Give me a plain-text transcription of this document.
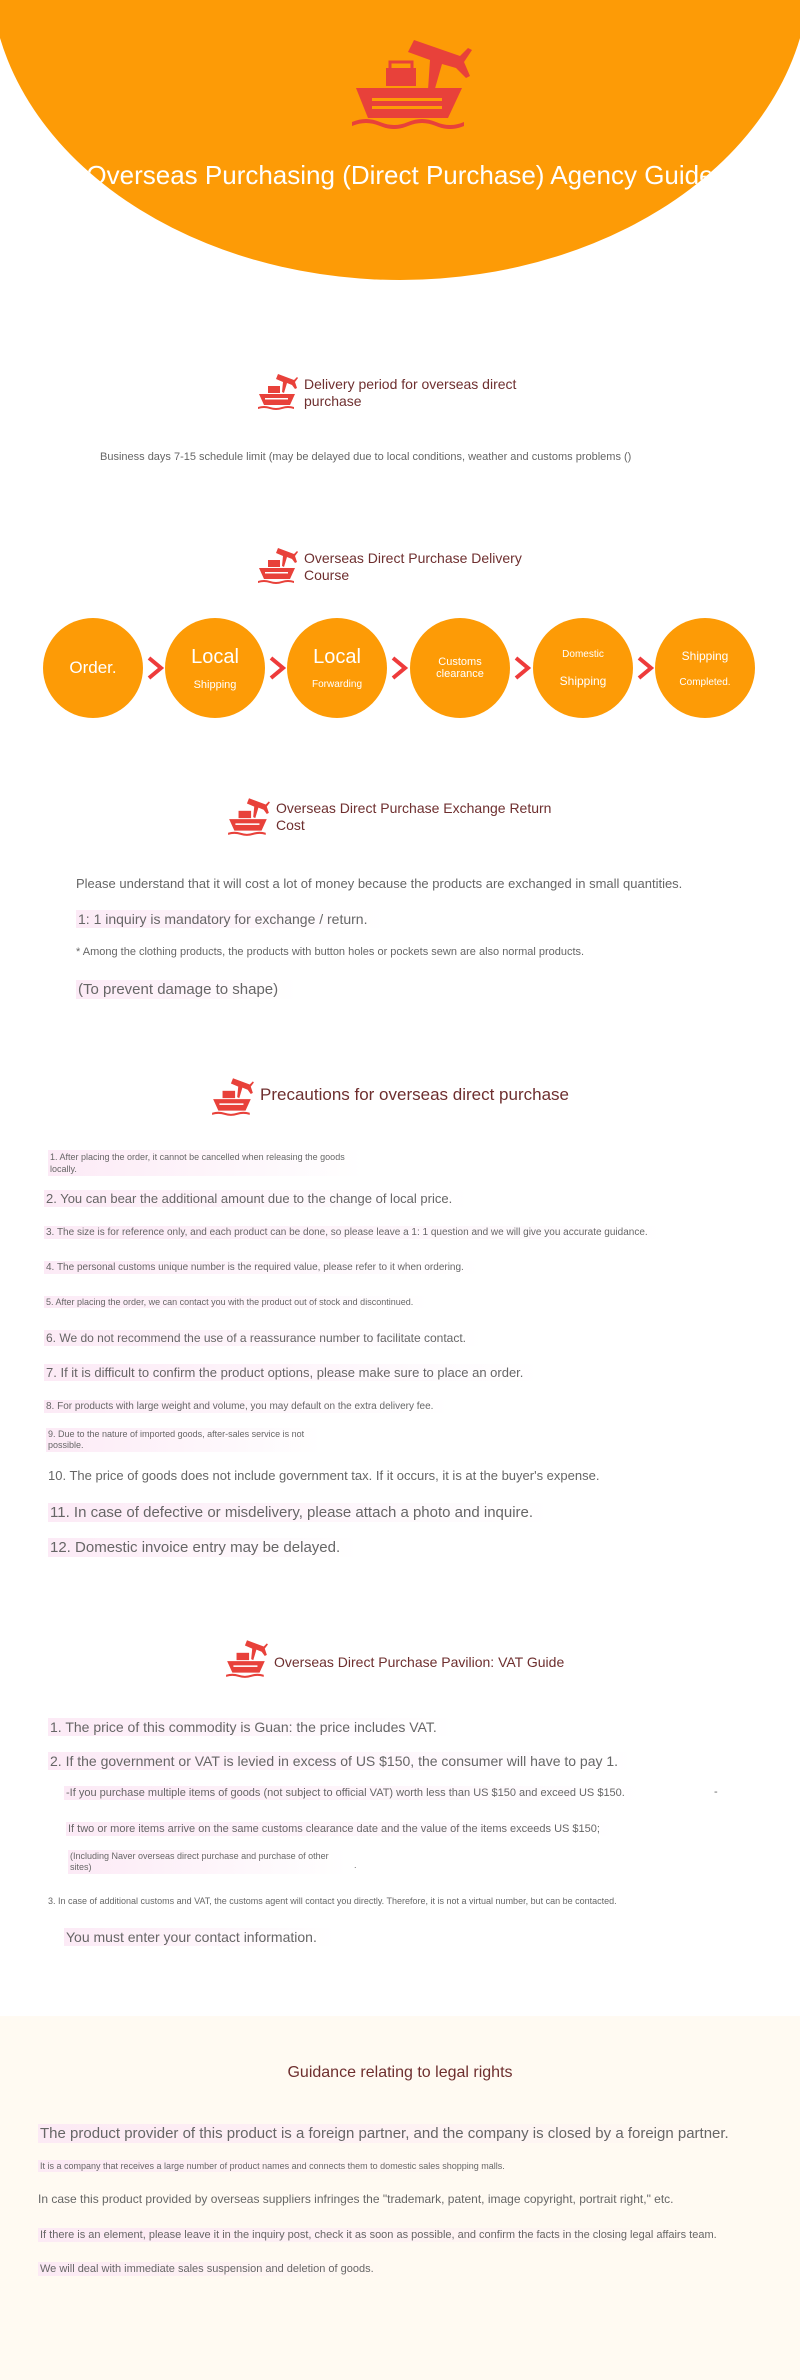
Overseas Purchasing (Direct Purchase) Agency Guide
Delivery period for overseas direct
purchase
Business days 7-15 schedule limit (may be delayed due to local conditions, weather and customs problems ()
Overseas Direct Purchase Delivery
Course
Order.	Local
Shipping
Local
Forwarding
Customs
clearance
Domestic
Shipping
Shipping
Completed.
Overseas Direct Purchase Exchange Return
Cost
Please understand that it will cost a lot of money because the products are exchanged in small quantities.
1: 1 inquiry is mandatory for exchange / return.
* Among the clothing products, the products with button holes or pockets sewn are also normal products.
(To prevent damage to shape)
Precautions for overseas direct purchase
1. After placing the order, it cannot be cancelled when releasing the goods
locally.
2. You can bear the additional amount due to the change of local price.
3. The size is for reference only, and each product can be done, so please leave a 1: 1 question and we will give you accurate guidance.
4. The personal customs unique number is the required value, please refer to it when ordering.
5. After placing the order, we can contact you with the product out of stock and discontinued.
6. We do not recommend the use of a reassurance number to facilitate contact.
7. If it is difficult to confirm the product options, please make sure to place an order.
8. For products with large weight and volume, you may default on the extra delivery fee.
9. Due to the nature of imported goods, after-sales service is not
possible.
10. The price of goods does not include government tax. If it occurs, it is at the buyer's expense.
11. In case of defective or misdelivery, please attach a photo and inquire.
12. Domestic invoice entry may be delayed.
Overseas Direct Purchase Pavilion: VAT Guide
1. The price of this commodity is Guan: the price includes VAT.
2. If the government or VAT is levied in excess of US $150, the consumer will have to pay 1.
-If you purchase multiple items of goods (not subject to official VAT) worth less than US $150 and exceed US $150.	-
If two or more items arrive on the same customs clearance date and the value of the items exceeds US $150;
(Including Naver overseas direct purchase and purchase of other
sites)	.
3. In case of additional customs and VAT, the customs agent will contact you directly. Therefore, it is not a virtual number, but can be contacted.
You must enter your contact information.
Guidance relating to legal rights
The product provider of this product is a foreign partner, and the company is closed by a foreign partner.
It is a company that receives a large number of product names and connects them to domestic sales shopping malls.
In case this product provided by overseas suppliers infringes the "trademark, patent, image copyright, portrait right," etc.
If there is an element, please leave it in the inquiry post, check it as soon as possible, and confirm the facts in the closing legal affairs team.
We will deal with immediate sales suspension and deletion of goods.
